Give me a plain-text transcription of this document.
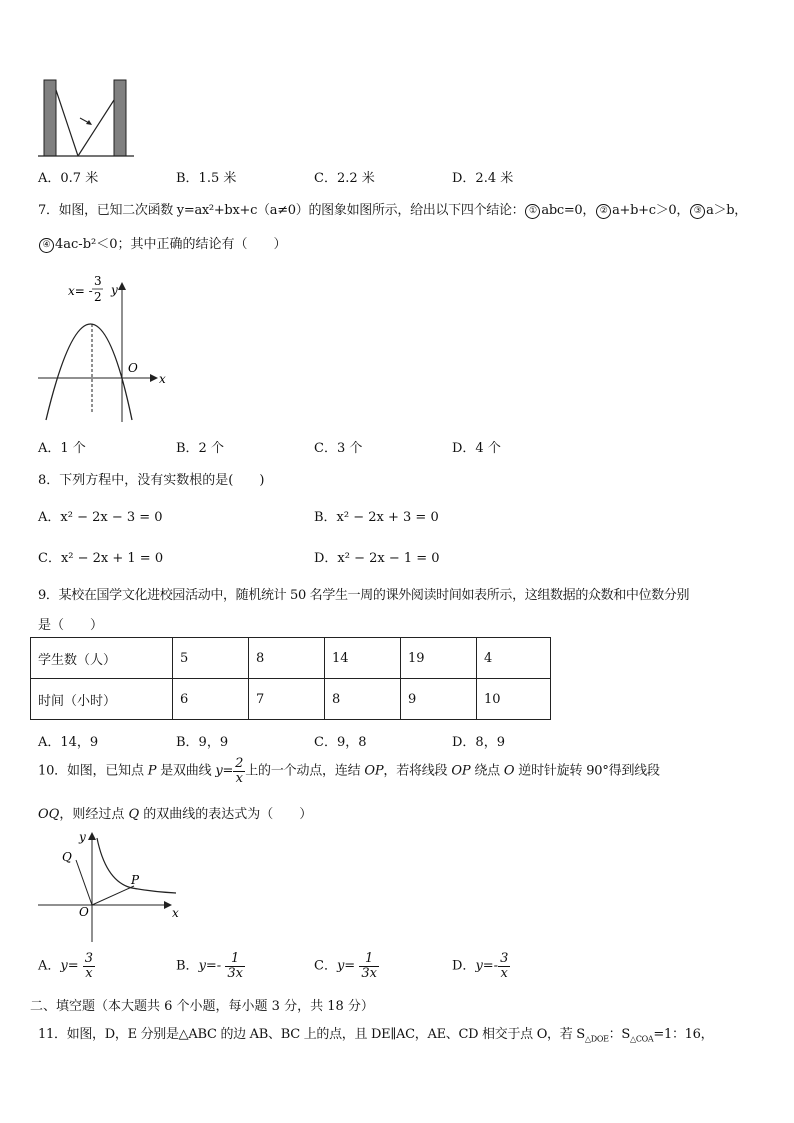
A．0.7 米	B．1.5 米	C．2.2 米	D．2.4 米
7．如图，已知二次函数 y=ax²+bx+c（a≠0）的图象如图所示，给出以下四个结论： ① abc=0， ② a+b+c＞0， ③ a＞b，
④ 4ac-b²＜0；其中正确的结论有（　　）
x
y
O
x= -
3
2
A．1 个	B．2 个	C．3 个	D．4 个
8．下列方程中，没有实数根的是(　　)
A．x² − 2x − 3 = 0	B．x² − 2x + 3 = 0
C．x² − 2x + 1 = 0	D．x² − 2x − 1 = 0
9．某校在国学文化进校园活动中，随机统计 50 名学生一周的课外阅读时间如表所示，这组数据的众数和中位数分别
是（　　）
学生数（人）	5	8	14	19	4
时间（小时）	6	7	8	9	10
A．14，9	B．9，9	C．9，8	D．8，9
10．如图，已知点 P 是双曲线 $y= \frac{2}{x}$ 上的一个动点，连结 OP，若将线段 OP 绕点 O 逆时针旋转 90°得到线段
OQ，则经过点 Q 的双曲线的表达式为（　　）
x
y
O
P
Q
A．$y= \frac{3}{x}$	B．$y=- \frac{1}{3x}$	C．$y= \frac{1}{3x}$	D．$y=- \frac{3}{x}$
二、填空题（本大题共 6 个小题，每小题 3 分，共 18 分）
11．如图，D，E 分别是△ABC 的边 AB、BC 上的点，且 DE∥AC，AE、CD 相交于点 O，若 $S_{\triangle DOE}$：$S_{\triangle COA}=1$：16，
